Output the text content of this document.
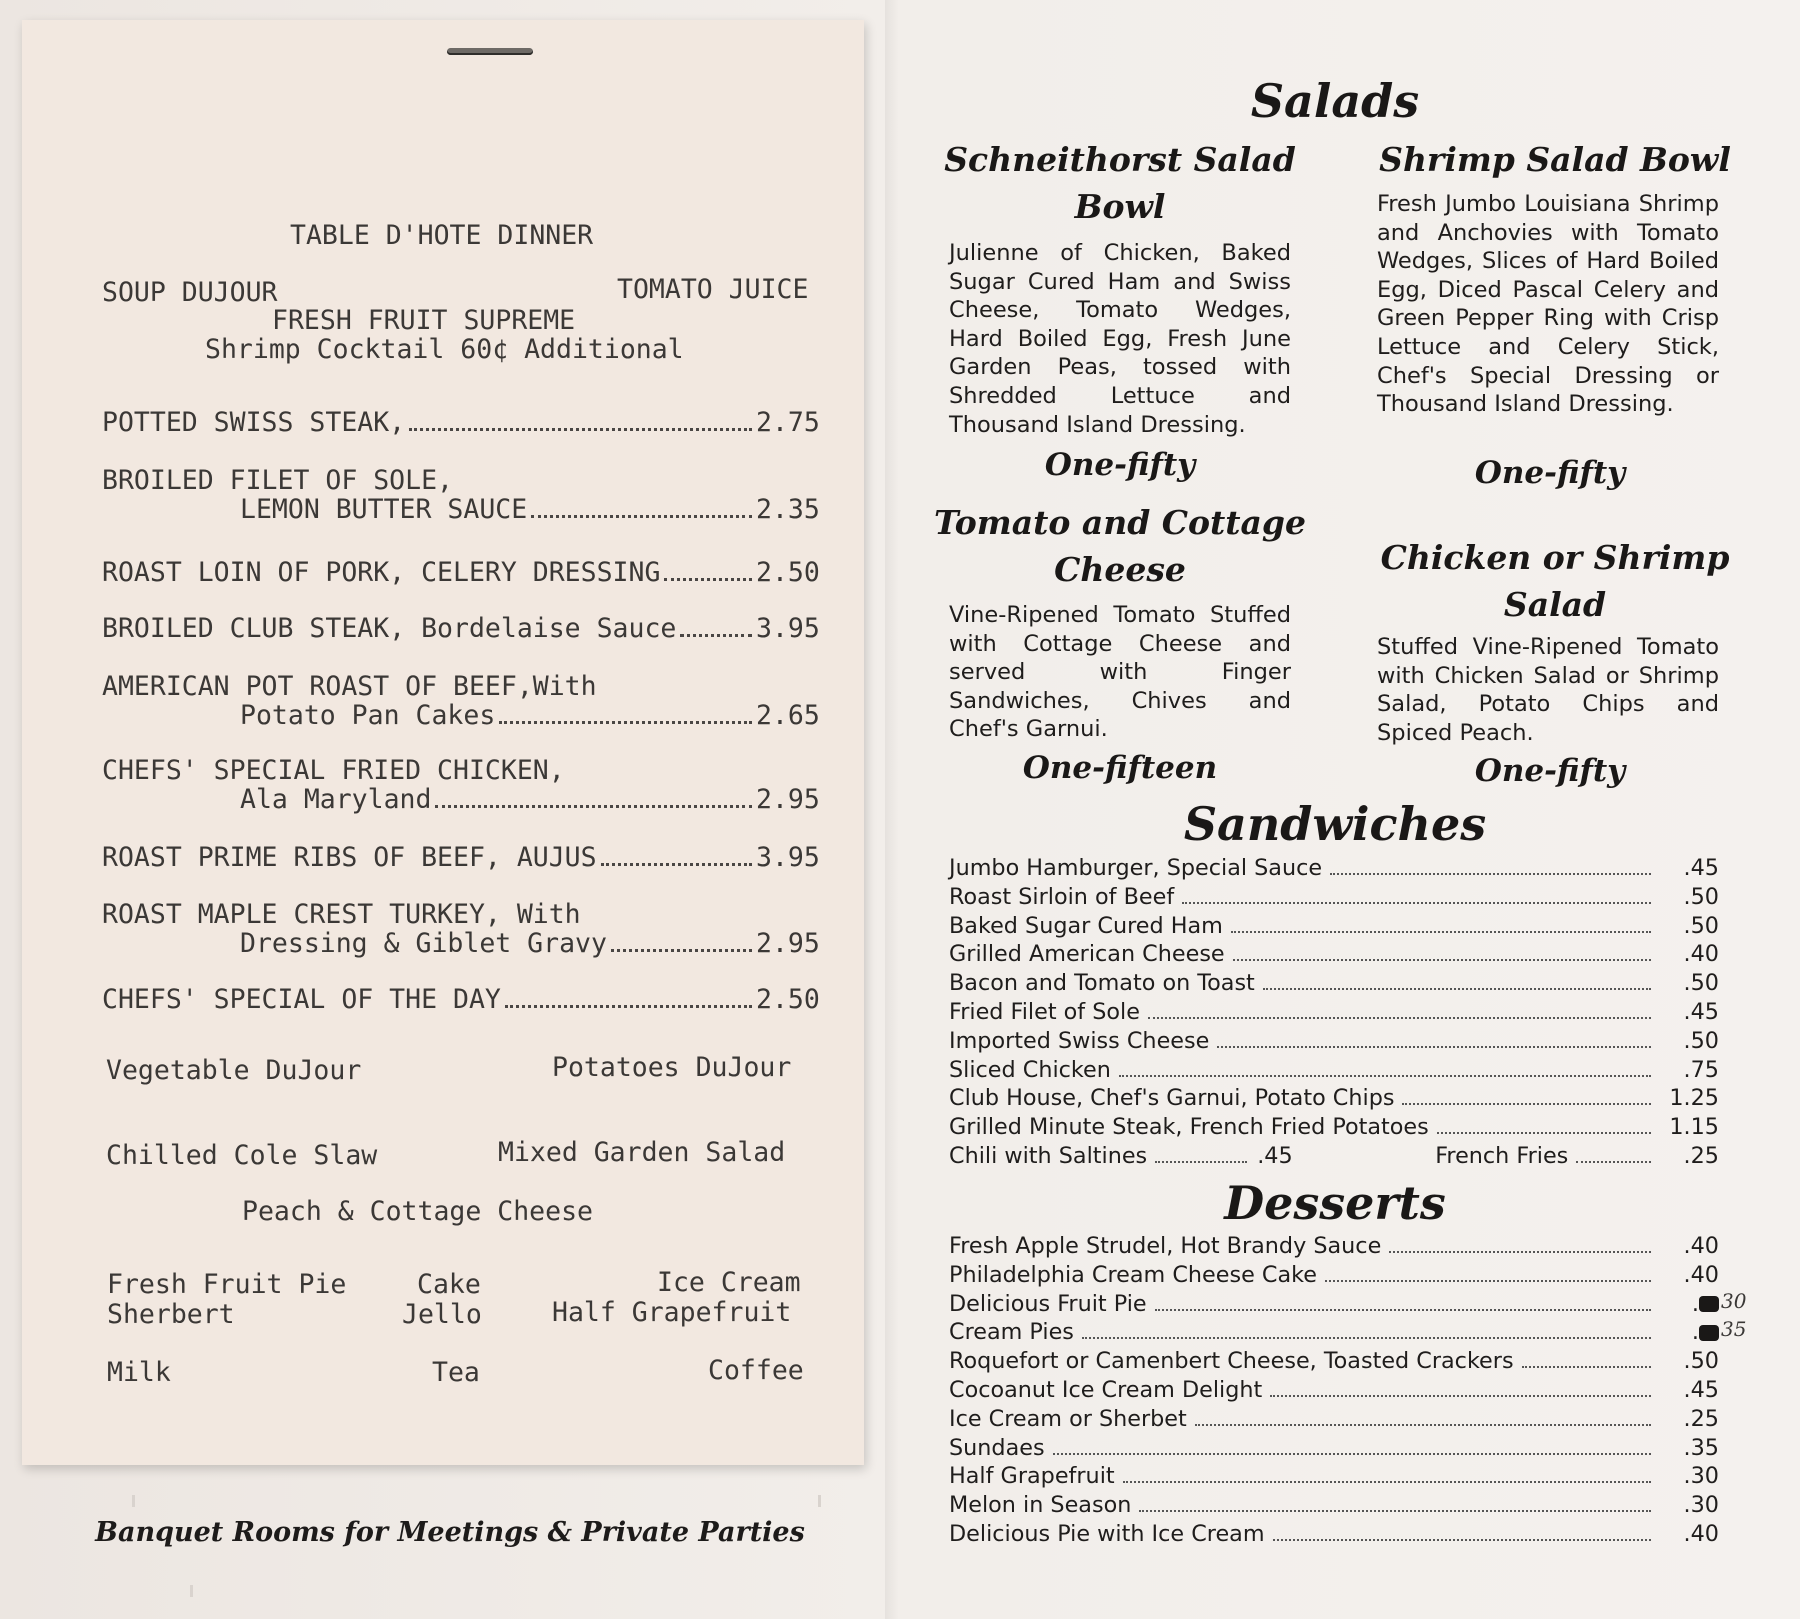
TABLE D'HOTE DINNER
SOUP DUJOUR	TOMATO JUICE
FRESH FRUIT SUPREME
Shrimp Cocktail 60¢ Additional
POTTED SWISS STEAK,	2.75
BROILED FILET OF SOLE,
LEMON BUTTER SAUCE	2.35
ROAST LOIN OF PORK, CELERY DRESSING	2.50
BROILED CLUB STEAK, Bordelaise Sauce	3.95
AMERICAN POT ROAST OF BEEF,With
Potato Pan Cakes	2.65
CHEFS' SPECIAL FRIED CHICKEN,
Ala Maryland	2.95
ROAST PRIME RIBS OF BEEF, AUJUS	3.95
ROAST MAPLE CREST TURKEY, With
Dressing & Giblet Gravy	2.95
CHEFS' SPECIAL OF THE DAY	2.50
Vegetable DuJour	Potatoes DuJour
Chilled Cole Slaw	Mixed Garden Salad
Peach & Cottage Cheese
Fresh Fruit Pie	Cake	Ice Cream
Sherbert	Jello	Half Grapefruit
Milk	Tea	Coffee
Banquet Rooms for Meetings & Private Parties
Salads
Schneithorst Salad
Bowl
Julienne of Chicken, Baked Sugar Cured Ham and Swiss Cheese, Tomato Wedges, Hard Boiled Egg, Fresh June Garden Peas, tossed with Shredded Lettuce and Thousand Island Dressing.
One-fifty
Shrimp Salad Bowl
Fresh Jumbo Louisiana Shrimp and Anchovies with Tomato Wedges, Slices of Hard Boiled Egg, Diced Pascal Celery and Green Pepper Ring with Crisp Lettuce and Celery Stick, Chef's Special Dressing or Thousand Island Dressing.
One-fifty
Tomato and Cottage
Cheese
Vine-Ripened Tomato Stuffed with Cottage Cheese and served with Finger Sandwiches, Chives and Chef's Garnui.
One-fifteen
Chicken or Shrimp
Salad
Stuffed Vine-Ripened Tomato with Chicken Salad or Shrimp Salad, Potato Chips and Spiced Peach.
One-fifty
Sandwiches
Jumbo Hamburger, Special Sauce	.45
Roast Sirloin of Beef	.50
Baked Sugar Cured Ham	.50
Grilled American Cheese	.40
Bacon and Tomato on Toast	.50
Fried Filet of Sole	.45
Imported Swiss Cheese	.50
Sliced Chicken	.75
Club House, Chef's Garnui, Potato Chips	1.25
Grilled Minute Steak, French Fried Potatoes	1.15
Chili with Saltines	.45	French Fries	.25
Desserts
Fresh Apple Strudel, Hot Brandy Sauce	.40
Philadelphia Cream Cheese Cake	.40
Delicious Fruit Pie	. 30
Cream Pies	. 35
Roquefort or Camenbert Cheese, Toasted Crackers	.50
Cocoanut Ice Cream Delight	.45
Ice Cream or Sherbet	.25
Sundaes	.35
Half Grapefruit	.30
Melon in Season	.30
Delicious Pie with Ice Cream	.40
